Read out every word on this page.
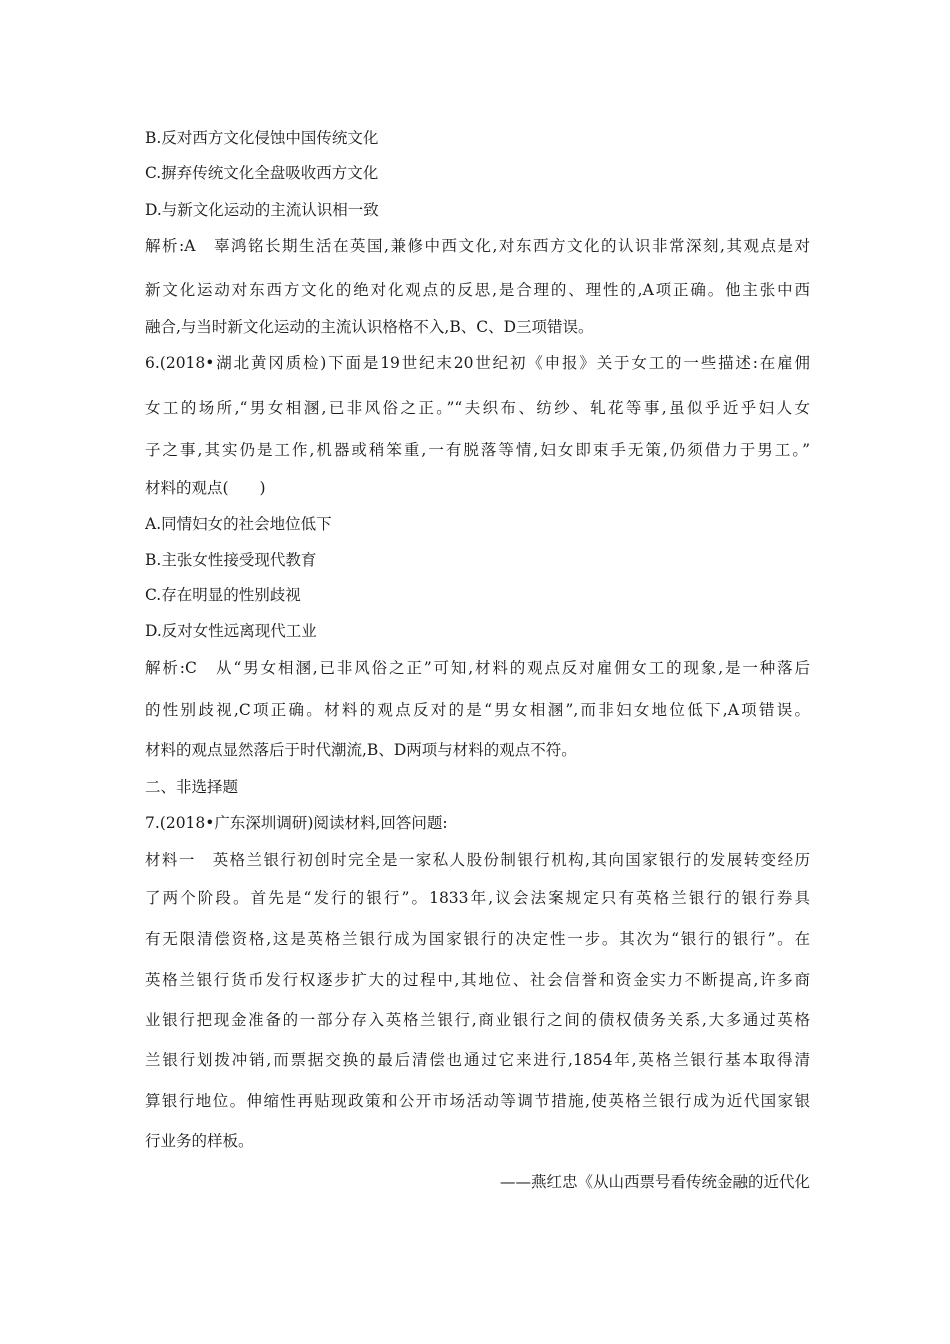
B.反对西方文化侵蚀中国传统文化
C.摒弃传统文化全盘吸收西方文化
D.与新文化运动的主流认识相一致
解析:A　辜鸿铭长期生活在英国,兼修中西文化,对东西方文化的认识非常深刻,其观点是对
新文化运动对东西方文化的绝对化观点的反思,是合理的、理性的,A项正确。他主张中西
融合,与当时新文化运动的主流认识格格不入,B、C、D三项错误。
6.(2018•湖北黄冈质检)下面是19世纪末20世纪初《申报》关于女工的一些描述:在雇佣
女工的场所,“男女相溷,已非风俗之正。”“夫织布、纺纱、轧花等事,虽似乎近乎妇人女
子之事,其实仍是工作,机器或稍笨重,一有脱落等情,妇女即束手无策,仍须借力于男工。”
材料的观点(　　)
A.同情妇女的社会地位低下
B.主张女性接受现代教育
C.存在明显的性别歧视
D.反对女性远离现代工业
解析:C　从“男女相溷,已非风俗之正”可知,材料的观点反对雇佣女工的现象,是一种落后
的性别歧视,C项正确。材料的观点反对的是“男女相溷”,而非妇女地位低下,A项错误。
材料的观点显然落后于时代潮流,B、D两项与材料的观点不符。
二、非选择题
7.(2018•广东深圳调研)阅读材料,回答问题:
材料一　英格兰银行初创时完全是一家私人股份制银行机构,其向国家银行的发展转变经历
了两个阶段。首先是“发行的银行”。1833年,议会法案规定只有英格兰银行的银行券具
有无限清偿资格,这是英格兰银行成为国家银行的决定性一步。其次为“银行的银行”。在
英格兰银行货币发行权逐步扩大的过程中,其地位、社会信誉和资金实力不断提高,许多商
业银行把现金准备的一部分存入英格兰银行,商业银行之间的债权债务关系,大多通过英格
兰银行划拨冲销,而票据交换的最后清偿也通过它来进行,1854年,英格兰银行基本取得清
算银行地位。伸缩性再贴现政策和公开市场活动等调节措施,使英格兰银行成为近代国家银
行业务的样板。
——燕红忠《从山西票号看传统金融的近代化
